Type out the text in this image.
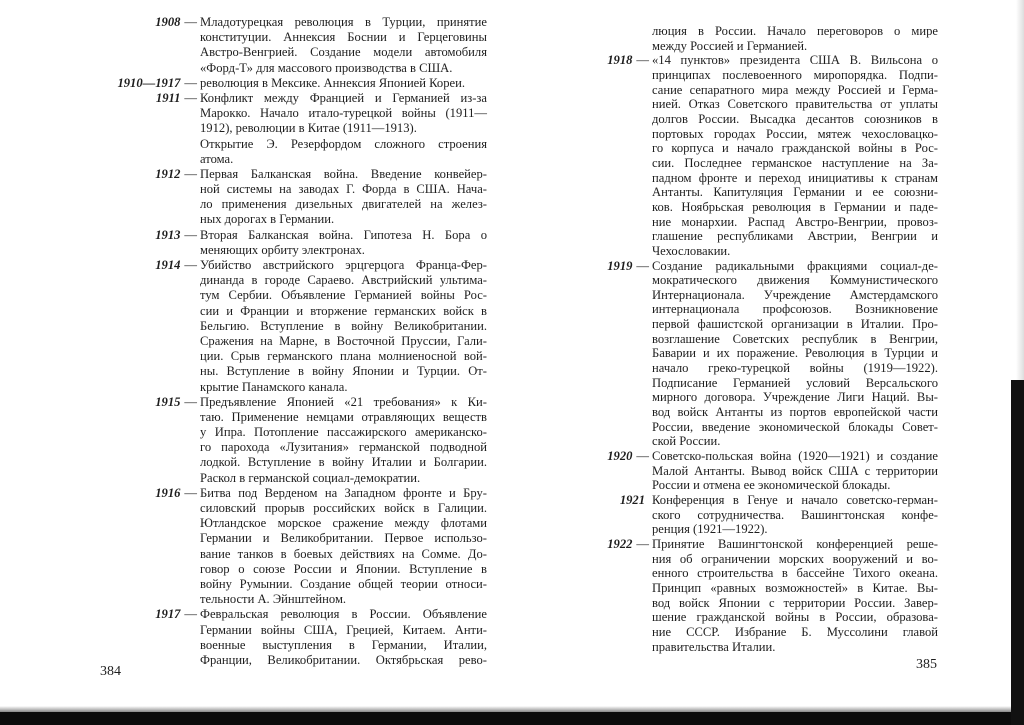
1908 — Младотурецкая революция в Турции, принятие
конституции. Аннексия Боснии и Герцеговины
Австро-Венгрией. Создание модели автомобиля
«Форд-Т» для массового производства в США.
1910—1917 — революция в Мексике. Аннексия Японией Кореи.
1911 — Конфликт между Францией и Германией из-за
Марокко. Начало итало-турецкой войны (1911—
1912), революции в Китае (1911—1913).
Открытие Э. Резерфордом сложного строения
атома.
1912 — Первая Балканская война. Введение конвейер-
ной системы на заводах Г. Форда в США. Нача-
ло применения дизельных двигателей на желез-
ных дорогах в Германии.
1913 — Вторая Балканская война. Гипотеза Н. Бора о
меняющих орбиту электронах.
1914 — Убийство австрийского эрцгерцога Франца-Фер-
динанда в городе Сараево. Австрийский ультима-
тум Сербии. Объявление Германией войны Рос-
сии и Франции и вторжение германских войск в
Бельгию. Вступление в войну Великобритании.
Сражения на Марне, в Восточной Пруссии, Гали-
ции. Срыв германского плана молниеносной вой-
ны. Вступление в войну Японии и Турции. От-
крытие Панамского канала.
1915 — Предъявление Японией «21 требования» к Ки-
таю. Применение немцами отравляющих веществ
у Ипра. Потопление пассажирского американско-
го парохода «Лузитания» германской подводной
лодкой. Вступление в войну Италии и Болгарии.
Раскол в германской социал-демократии.
1916 — Битва под Верденом на Западном фронте и Бру-
силовский прорыв российских войск в Галиции.
Ютландское морское сражение между флотами
Германии и Великобритании. Первое использо-
вание танков в боевых действиях на Сомме. До-
говор о союзе России и Японии. Вступление в
войну Румынии. Создание общей теории относи-
тельности А. Эйнштейном.
1917 — Февральская революция в России. Объявление
Германии войны США, Грецией, Китаем. Анти-
военные выступления в Германии, Италии,
Франции, Великобритании. Октябрьская рево-
384
люция в России. Начало переговоров о мире
между Россией и Германией.
1918 — «14 пунктов» президента США В. Вильсона о
принципах послевоенного миропорядка. Подпи-
сание сепаратного мира между Россией и Герма-
нией. Отказ Советского правительства от уплаты
долгов России. Высадка десантов союзников в
портовых городах России, мятеж чехословацко-
го корпуса и начало гражданской войны в Рос-
сии. Последнее германское наступление на За-
падном фронте и переход инициативы к странам
Антанты. Капитуляция Германии и ее союзни-
ков. Ноябрьская революция в Германии и паде-
ние монархии. Распад Австро-Венгрии, провоз-
глашение республиками Австрии, Венгрии и
Чехословакии.
1919 — Создание радикальными фракциями социал-де-
мократического движения Коммунистического
Интернационала. Учреждение Амстердамского
интернационала профсоюзов. Возникновение
первой фашистской организации в Италии. Про-
возглашение Советских республик в Венгрии,
Баварии и их поражение. Революция в Турции и
начало греко-турецкой войны (1919—1922).
Подписание Германией условий Версальского
мирного договора. Учреждение Лиги Наций. Вы-
вод войск Антанты из портов европейской части
России, введение экономической блокады Совет-
ской России.
1920 — Советско-польская война (1920—1921) и создание
Малой Антанты. Вывод войск США с территории
России и отмена ее экономической блокады.
1921 Конференция в Генуе и начало советско-герман-
ского сотрудничества. Вашингтонская конфе-
ренция (1921—1922).
1922 — Принятие Вашингтонской конференцией реше-
ния об ограничении морских вооружений и во-
енного строительства в бассейне Тихого океана.
Принцип «равных возможностей» в Китае. Вы-
вод войск Японии с территории России. Завер-
шение гражданской войны в России, образова-
ние СССР. Избрание Б. Муссолини главой
правительства Италии.
385
